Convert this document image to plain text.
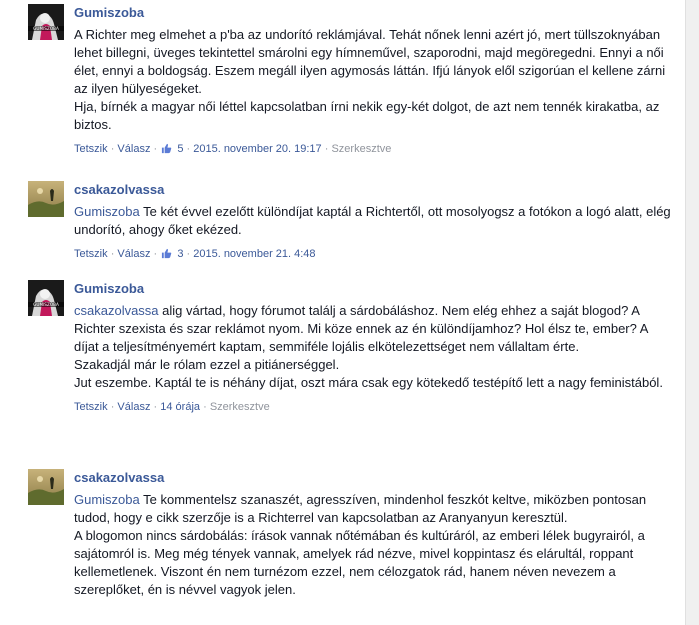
GUMISZOBA
Gumiszoba

A Richter meg elmehet a p'ba az undorító reklámjával. Tehát nőnek lenni azért jó, mert tüllszoknyában lehet billegni, üveges tekintettel smárolni egy hímneművel, szaporodni, majd megöregedni. Ennyi a női élet, ennyi a boldogság. Eszem megáll ilyen agymosás láttán. Ifjú lányok elől szigorúan el kellene zárni az ilyen hülyeségeket.

Hja, bírnék a magyar női léttel kapcsolatban írni nekik egy-két dolgot, de azt nem tennék kirakatba, az biztos.

Tetszik · Válasz ·  5 · 2015. november 20. 19:17 · Szerkesztve
csakazolvassa

Gumiszoba Te két évvel ezelőtt különdíjat kaptál a Richtertől, ott mosolyogsz a fotókon a logó alatt, elég undorító, ahogy őket ekézed.

Tetszik · Válasz ·  3 · 2015. november 21. 4:48
GUMISZOBA
Gumiszoba

csakazolvassa alig vártad, hogy fórumot találj a sárdobáláshoz. Nem elég ehhez a saját blogod? A Richter szexista és szar reklámot nyom. Mi köze ennek az én különdíjamhoz? Hol élsz te, ember? A díjat a teljesítményemért kaptam, semmiféle lojális elkötelezettséget nem vállaltam érte.

Szakadjál már le rólam ezzel a pitiánerséggel.

Jut eszembe. Kaptál te is néhány díjat, oszt mára csak egy kötekedő testépítő lett a nagy feministából.

Tetszik · Válasz · 14 órája · Szerkesztve
csakazolvassa

Gumiszoba Te kommentelsz szanaszét, agresszíven, mindenhol feszkót keltve, miközben pontosan tudod, hogy e cikk szerzője is a Richterrel van kapcsolatban az Aranyanyun keresztül.

A blogomon nincs sárdobálás: írások vannak nőtémában és kultúráról, az emberi lélek bugyrairól, a sajátomról is. Meg még tények vannak, amelyek rád nézve, mivel koppintasz és elárultál, roppant kellemetlenek. Viszont én nem turnézom ezzel, nem célozgatok rád, hanem néven nevezem a szereplőket, én is névvel vagyok jelen.
